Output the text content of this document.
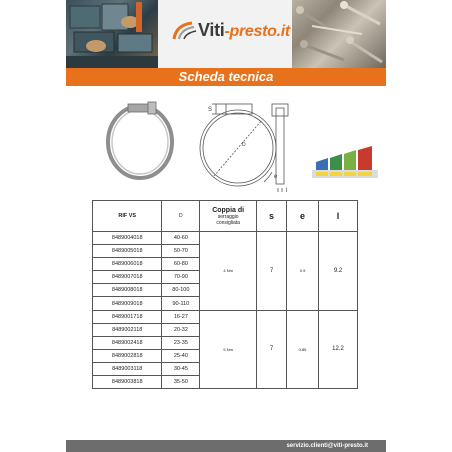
Viti-presto.it
Scheda tecnica
S
D
e
l
RIF VS	D	Coppia di
serraggio
consigliata	s	e	l
8489004018	40-60	4 Nm	7	0.9	9.2
8489005018	50-70				
8489006018	60-80				
8489007018	70-90				
8489008018	80-100				
8489009018	90-110				
8489001718	16-27	5 Nm	7	0.85	12.2
8489002118	20-32				
8489002418	23-35				
8489002818	25-40				
8489003118	30-45				
8489003818	35-50				
servizio.clienti@viti-presto.it
